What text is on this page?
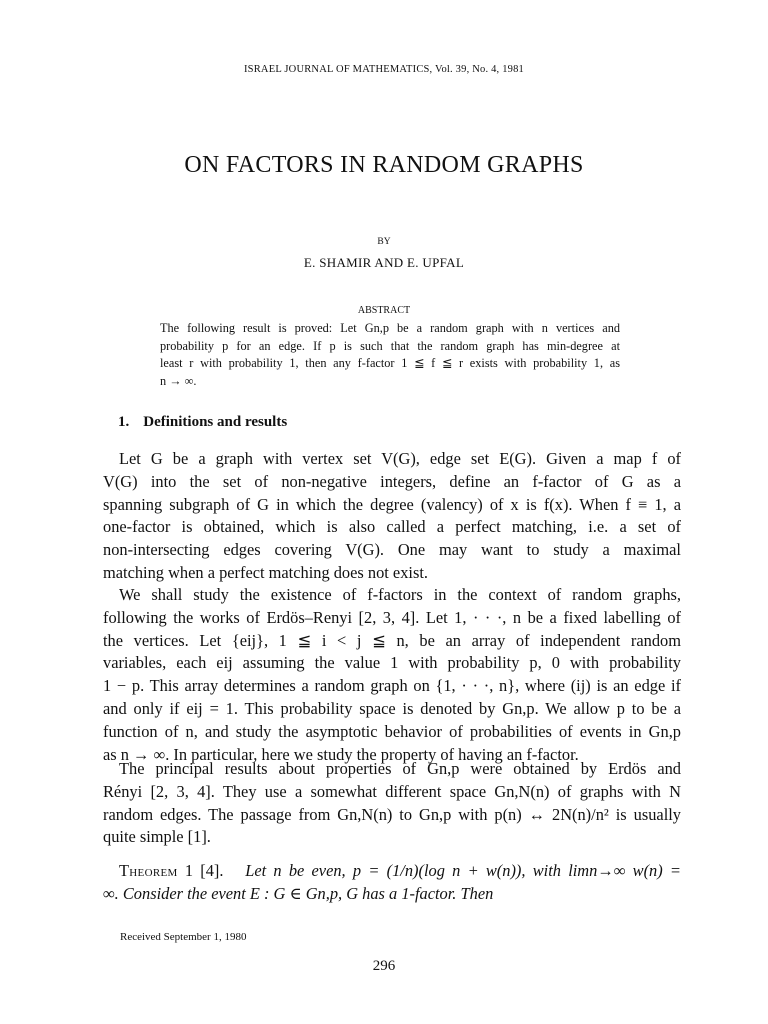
ISRAEL JOURNAL OF MATHEMATICS, Vol. 39, No. 4, 1981
ON FACTORS IN RANDOM GRAPHS
BY
E. SHAMIR AND E. UPFAL
ABSTRACT
The following result is proved: Let Gn,p be a random graph with n vertices and
probability p for an edge. If p is such that the random graph has min-degree at
least r with probability 1, then any f-factor 1 ≦ f ≦ r exists with probability 1, as
n → ∞.
1. Definitions and results
Let G be a graph with vertex set V(G), edge set E(G). Given a map f of
V(G) into the set of non-negative integers, define an f-factor of G as a
spanning subgraph of G in which the degree (valency) of x is f(x). When f ≡ 1, a
one-factor is obtained, which is also called a perfect matching, i.e. a set of
non-intersecting edges covering V(G). One may want to study a maximal
matching when a perfect matching does not exist.
We shall study the existence of f-factors in the context of random graphs,
following the works of Erdös–Renyi [2, 3, 4]. Let 1, · · ·, n be a fixed labelling of
the vertices. Let {eij}, 1 ≦ i < j ≦ n, be an array of independent random
variables, each eij assuming the value 1 with probability p, 0 with probability
1 − p. This array determines a random graph on {1, · · ·, n}, where (ij) is an edge if
and only if eij = 1. This probability space is denoted by Gn,p. We allow p to be a
function of n, and study the asymptotic behavior of probabilities of events in Gn,p
as n → ∞. In particular, here we study the property of having an f-factor.
The principal results about properties of Gn,p were obtained by Erdös and
Rényi [2, 3, 4]. They use a somewhat different space Gn,N(n) of graphs with N
random edges. The passage from Gn,N(n) to Gn,p with p(n) ↔ 2N(n)/n² is usually
quite simple [1].
Theorem 1 [4]. Let n be even, p = (1/n)(log n + w(n)), with limn→∞ w(n) =
∞. Consider the event E : G ∈ Gn,p, G has a 1-factor. Then
Received September 1, 1980
296
